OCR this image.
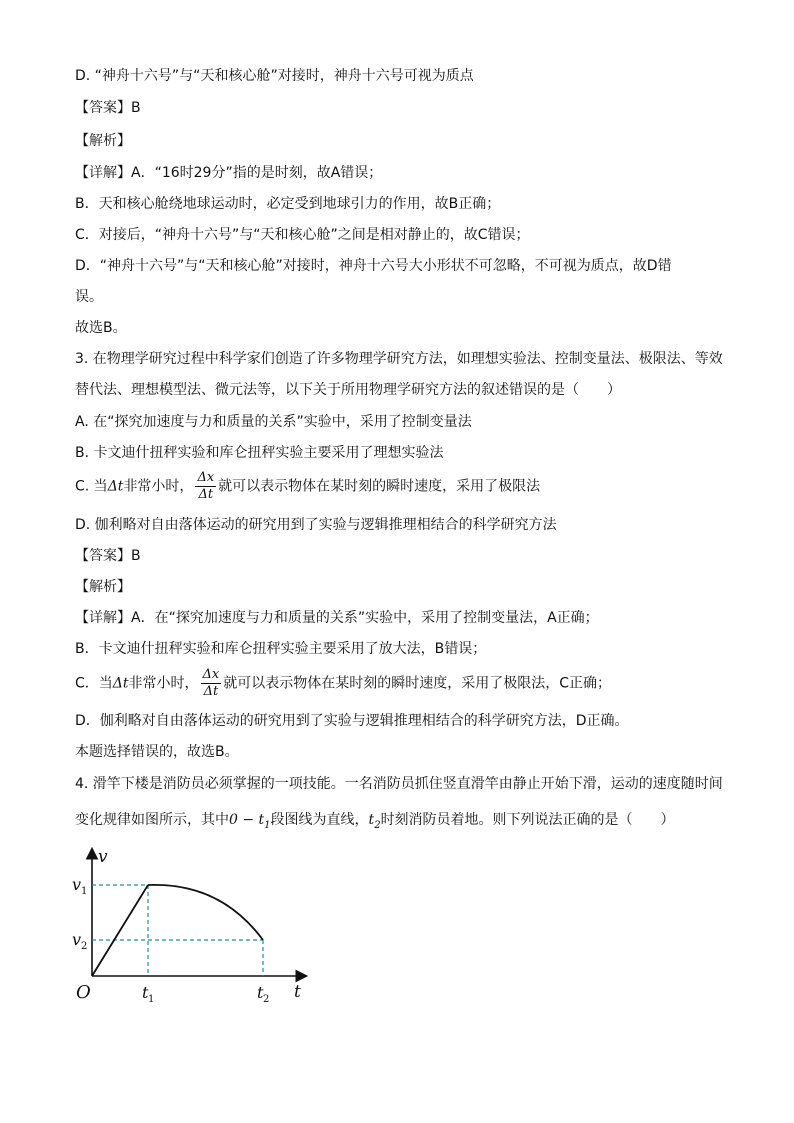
D. “神舟十六号”与“天和核心舱”对接时，神舟十六号可视为质点
【答案】B
【解析】
【详解】A．“16时29分”指的是时刻，故A错误；
B．天和核心舱绕地球运动时，必定受到地球引力的作用，故B正确；
C．对接后，“神舟十六号”与“天和核心舱”之间是相对静止的，故C错误；
D．“神舟十六号”与“天和核心舱”对接时，神舟十六号大小形状不可忽略，不可视为质点，故D错
误。
故选B。
3. 在物理学研究过程中科学家们创造了许多物理学研究方法，如理想实验法、控制变量法、极限法、等效
替代法、理想模型法、微元法等，以下关于所用物理学研究方法的叙述错误的是（　　）
A. 在“探究加速度与力和质量的关系”实验中，采用了控制变量法
B. 卡文迪什扭秤实验和库仑扭秤实验主要采用了理想实验法
C. 当Δt非常小时， $\frac{\Delta x}{\Delta t}$ 就可以表示物体在某时刻的瞬时速度，采用了极限法
D. 伽利略对自由落体运动的研究用到了实验与逻辑推理相结合的科学研究方法
【答案】B
【解析】
【详解】A．在“探究加速度与力和质量的关系”实验中，采用了控制变量法，A正确；
B．卡文迪什扭秤实验和库仑扭秤实验主要采用了放大法，B错误；
C．当Δt非常小时， $\frac{\Delta x}{\Delta t}$ 就可以表示物体在某时刻的瞬时速度，采用了极限法，C正确；
D．伽利略对自由落体运动的研究用到了实验与逻辑推理相结合的科学研究方法，D正确。
本题选择错误的，故选B。
4. 滑竿下楼是消防员必须掌握的一项技能。一名消防员抓住竖直滑竿由静止开始下滑，运动的速度随时间
变化规律如图所示，其中$0 - t_1$段图线为直线，$t_2$时刻消防员着地。则下列说法正确的是（　　）
v
t
O
v 1
v 2
t 1	t 2
